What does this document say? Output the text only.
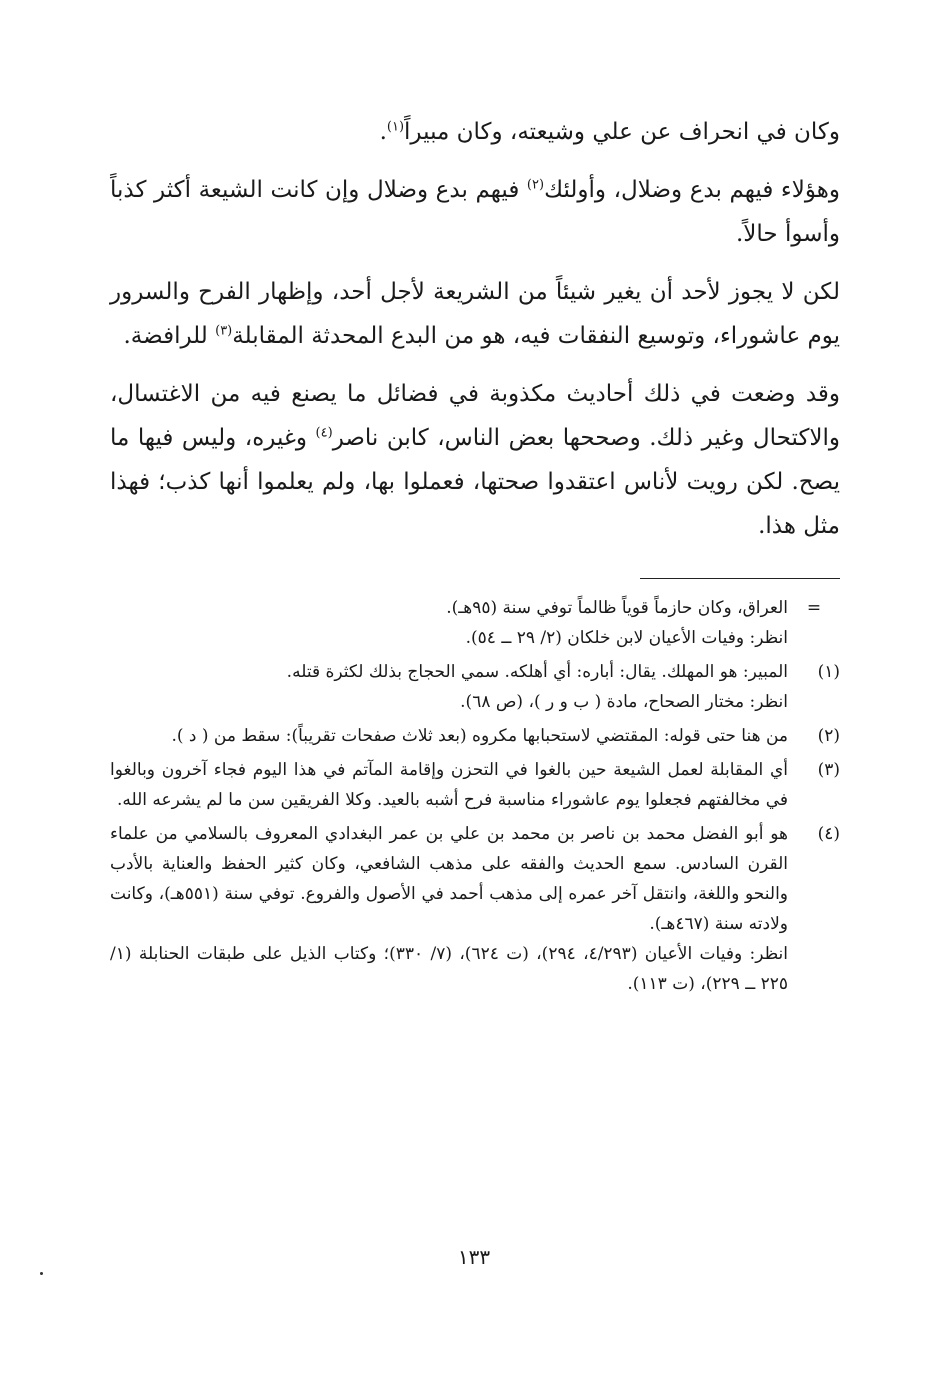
وكان في انحراف عن علي وشيعته، وكان مبيراً$^{(١)}$.

وهؤلاء فيهم بدع وضلال، وأولئك$^{(٢)}$ فيهم بدع وضلال وإن كانت الشيعة أكثر كذباً وأسوأ حالاً.

لكن لا يجوز لأحد أن يغير شيئاً من الشريعة لأجل أحد، وإظهار الفرح والسرور يوم عاشوراء، وتوسيع النفقات فيه، هو من البدع المحدثة المقابلة$^{(٣)}$ للرافضة.

وقد وضعت في ذلك أحاديث مكذوبة في فضائل ما يصنع فيه من الاغتسال، والاكتحال وغير ذلك. وصححها بعض الناس، كابن ناصر$^{(٤)}$ وغيره، وليس فيها ما يصح. لكن رويت لأناس اعتقدوا صحتها، فعملوا بها، ولم يعلموا أنها كذب؛ فهذا مثل هذا.

=
العراق، وكان حازماً قوياً ظالماً توفي سنة (٩٥هـ).
انظر: وفيات الأعيان لابن خلكان (٢/ ٢٩ ــ ٥٤).
(١)
المبير: هو المهلك. يقال: أباره: أي أهلكه. سمي الحجاج بذلك لكثرة قتله.
انظر: مختار الصحاح، مادة ( ب و ر )، (ص ٦٨).
(٢)
من هنا حتى قوله: المقتضي لاستحبابها مكروه (بعد ثلاث صفحات تقريباً): سقط من ( د ).
(٣)
أي المقابلة لعمل الشيعة حين بالغوا في التحزن وإقامة المآتم في هذا اليوم فجاء آخرون وبالغوا في مخالفتهم فجعلوا يوم عاشوراء مناسبة فرح أشبه بالعيد. وكلا الفريقين سن ما لم يشرعه الله.
(٤)
هو أبو الفضل محمد بن ناصر بن محمد بن علي بن عمر البغدادي المعروف بالسلامي من علماء القرن السادس. سمع الحديث والفقه على مذهب الشافعي، وكان كثير الحفظ والعناية بالأدب والنحو واللغة، وانتقل آخر عمره إلى مذهب أحمد في الأصول والفروع. توفي سنة (٥٥١هـ)، وكانت ولادته سنة (٤٦٧هـ).
انظر: وفيات الأعيان (٤/٢٩٣، ٢٩٤)، (ت ٦٢٤)، (٧/ ٣٣٠)؛ وكتاب الذيل على طبقات الحنابلة (١/ ٢٢٥ ــ ٢٢٩)، (ت ١١٣).
١٣٣
